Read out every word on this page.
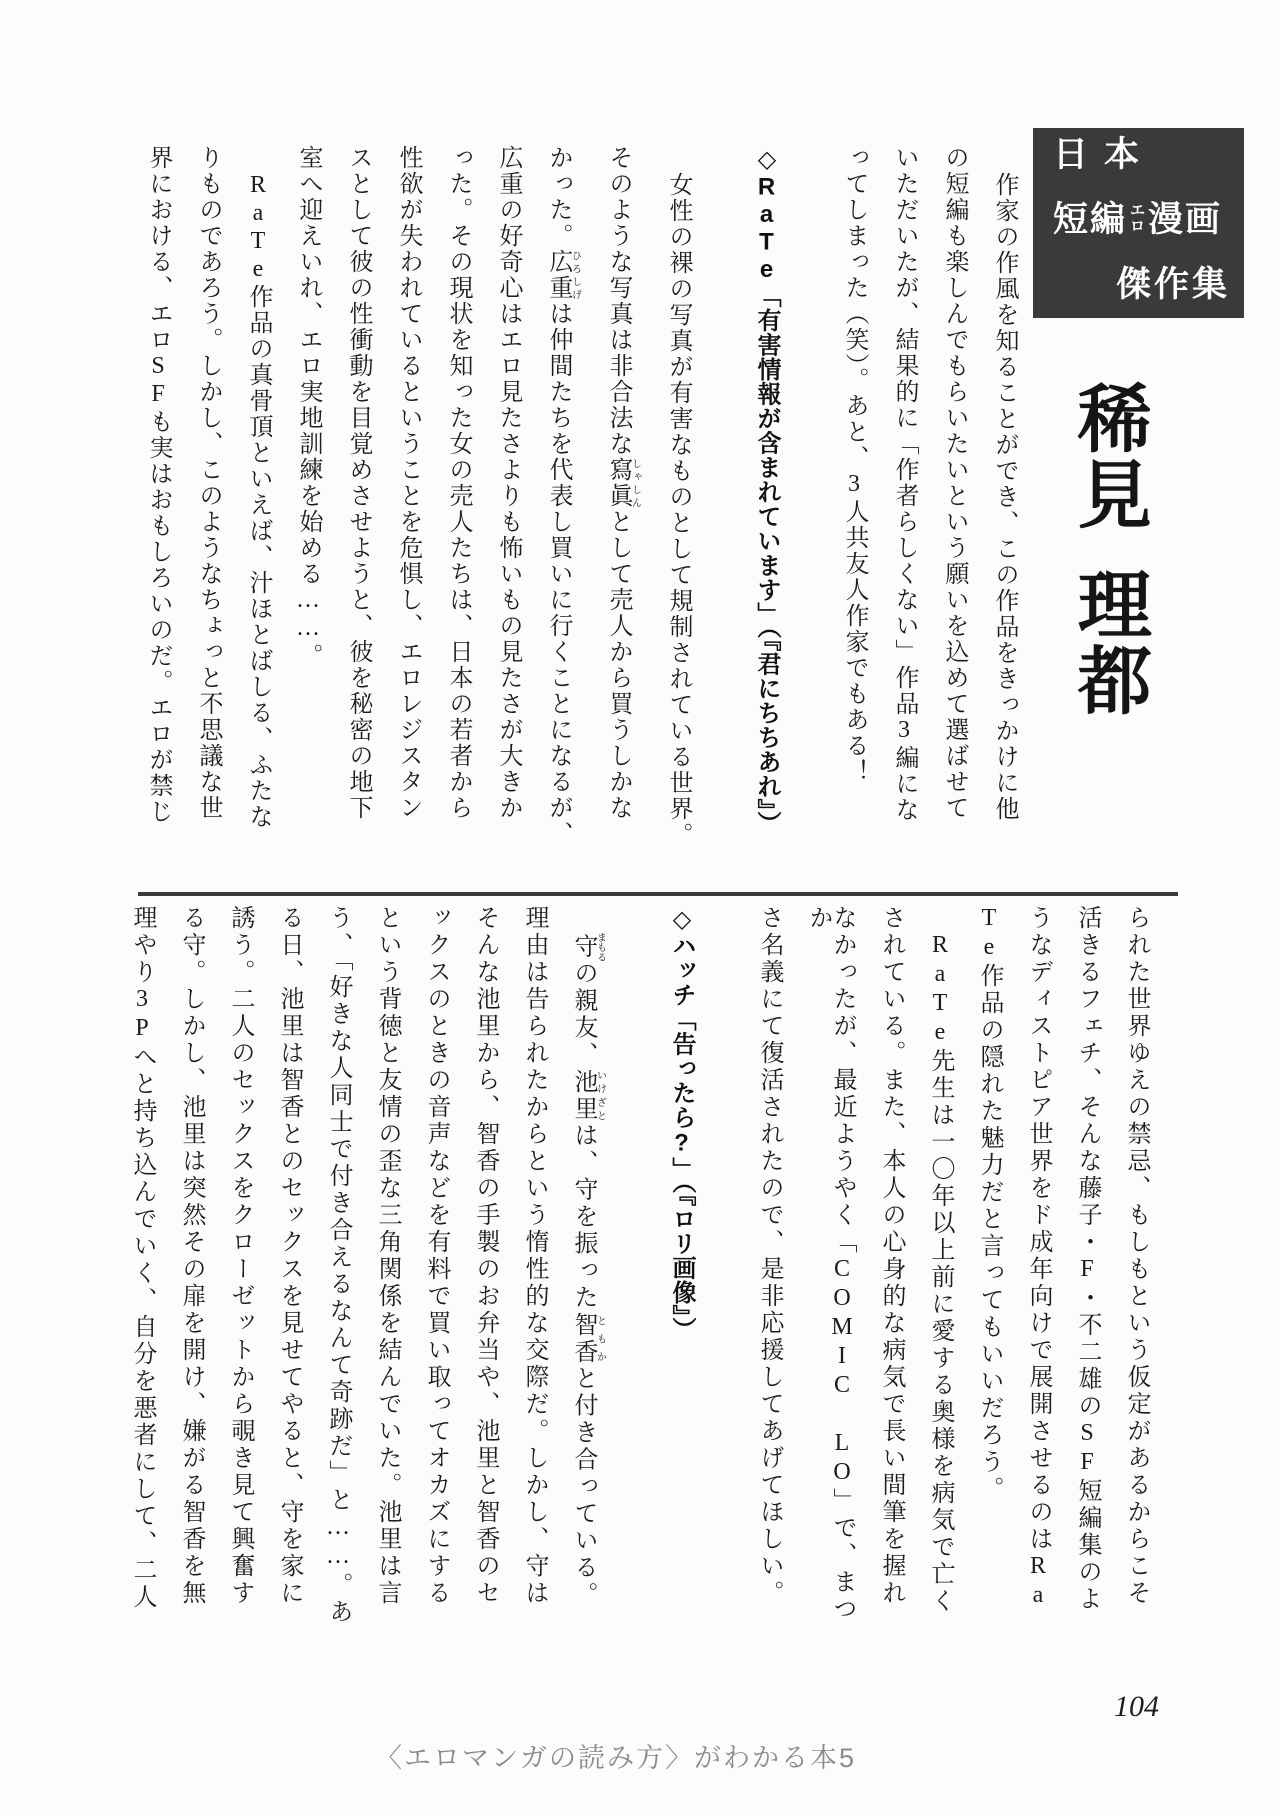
日本
短編 エ
ロ 漫画
傑作集
稀見理都
作家の作風を知ることができ、この作品をきっかけに他
の短編も楽しんでもらいたいという願いを込めて選ばせて
いただいたが、結果的に「作者らしくない」作品3編にな
ってしまった（笑）。あと、3人共友人作家でもある！
◇RaTe「有害情報が含まれています」（『君にちちあれ』）
女性の裸の写真が有害なものとして規制されている世界。
そのような写真は非合法な寫眞しゃしんとして売人から買うしかな
かった。広重ひろしげは仲間たちを代表し買いに行くことになるが、
広重の好奇心はエロ見たさよりも怖いもの見たさが大きか
った。その現状を知った女の売人たちは、日本の若者から
性欲が失われているということを危惧し、エロレジスタン
スとして彼の性衝動を目覚めさせようと、彼を秘密の地下
室へ迎えいれ、エロ実地訓練を始める……。
RaTe作品の真骨頂といえば、汁ほとばしる、ふたな
りものであろう。しかし、このようなちょっと不思議な世
界における、エロSFも実はおもしろいのだ。エロが禁じ
られた世界ゆえの禁忌、もしもという仮定があるからこそ
活きるフェチ、そんな藤子・F・不二雄のSF短編集のよ
うなディストピア世界をド成年向けで展開させるのはRa
Te作品の隠れた魅力だと言ってもいいだろう。
RaTe先生は一〇年以上前に愛する奥様を病気で亡く
されている。また、本人の心身的な病気で長い間筆を握れ
なかったが、最近ようやく「COMIC LO」で、まつか
さ名義にて復活されたので、是非応援してあげてほしい。
◇ハッチ「告ったら?」（『ロリ画像』）
守まもるの親友、池里いけざとは、守を振った智香ともかと付き合っている。
理由は告られたからという惰性的な交際だ。しかし、守は
そんな池里から、智香の手製のお弁当や、池里と智香のセ
ックスのときの音声などを有料で買い取ってオカズにする
という背徳と友情の歪な三角関係を結んでいた。池里は言
う、「好きな人同士で付き合えるなんて奇跡だ」と……。あ
る日、池里は智香とのセックスを見せてやると、守を家に
誘う。二人のセックスをクローゼットから覗き見て興奮す
る守。しかし、池里は突然その扉を開け、嫌がる智香を無
理やり3Pへと持ち込んでいく、自分を悪者にして、二人
〈エロマンガの読み方〉がわかる本5
104
